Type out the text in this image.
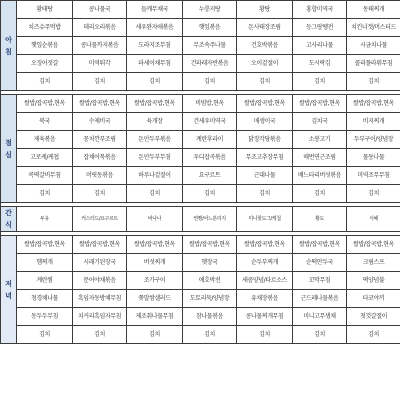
아
침	황태탕	콩나물국	들깨무채국	누룽지탕	황탕	홍합미역국	동태찌개
	치즈슈주먹밥	데리오리볶음	새우완자애볶음	햇잎볶음	돈사태장조림	등그랑땡전	치킨너겟/머스터드
	햇잎순볶음	콩나물까지볶음	도라지조무침	무조속주나물	건호박볶음	고사리나물	시금치나물
	오징어젓갈	미역튀각	파세이채무침	건파래자반볶음	오이겉절이	도시락김	콜리플라워무침
	김치	김치	김치	김치	김치	김치	김치

점
심	쌀밥/잡곡밥,현옥	쌀밥/잡곡밥,현옥	쌀밥/잡곡밥,현옥	비빔밥,현옥	쌀밥/잡곡밥,현옥	쌀밥/잡곡밥,현옥	쌀밥/잡곡밥,현옥
	북국	수제비국	육개장	건새우미역국	매생이국	김치국	비지찌개
	제육볶음	꽁치깐푸조림	돈안두부볶음	계란후라이	닭장각당볶음	소봉고기	두부구이/양념장
	고로케/케첩	잡채어묵볶음	돈안두부무침	우디잡곡볶음	무조고추장무침	매번연근조림	물동나물
	콕떡갈비무침	머릿동볶음	하루나겉절이	요구르트	근대나물	배느타리버섯볶음	미역조무무침
	김치	김치	김치	김치	김치	김치	김치

간
식	두유	커스터드/요구르트	바나나	찐빵/어느분리지	미니핫도그/케첩	황도	식혜

저
녁	쌀밥/잡곡밥,현옥	쌀밥/잡곡밥,현옥	쌀밥/잡곡밥,현옥	쌀밥/잡곡밥,현옥	쌀밥/잡곡밥,현옥	쌀밥/잡곡밥,현옥	쌀밥/잡곡밥,현옥
	햄찌개	시래기된장국	버섯찌개	햇장국	순두부찌개	순떡만두국	크림스프
	계란찜	문어야채볶음	조가구이	애호박전	새콤양념/타르소스	꼬막무침	떡양념불
	청경채나물	흑임자동방채무침	쫒말쌈샐러드	도토리묵/양념장	유채장볶음	근드레나물볶음	타코야끼
	동두두무침	치커리흑임자무침	제조취나물무침	참나물볶음	콩나물찌개무침	미니고무생채	첫것갈절이
	김치	김치	김치	김치	김치	김치	김치
